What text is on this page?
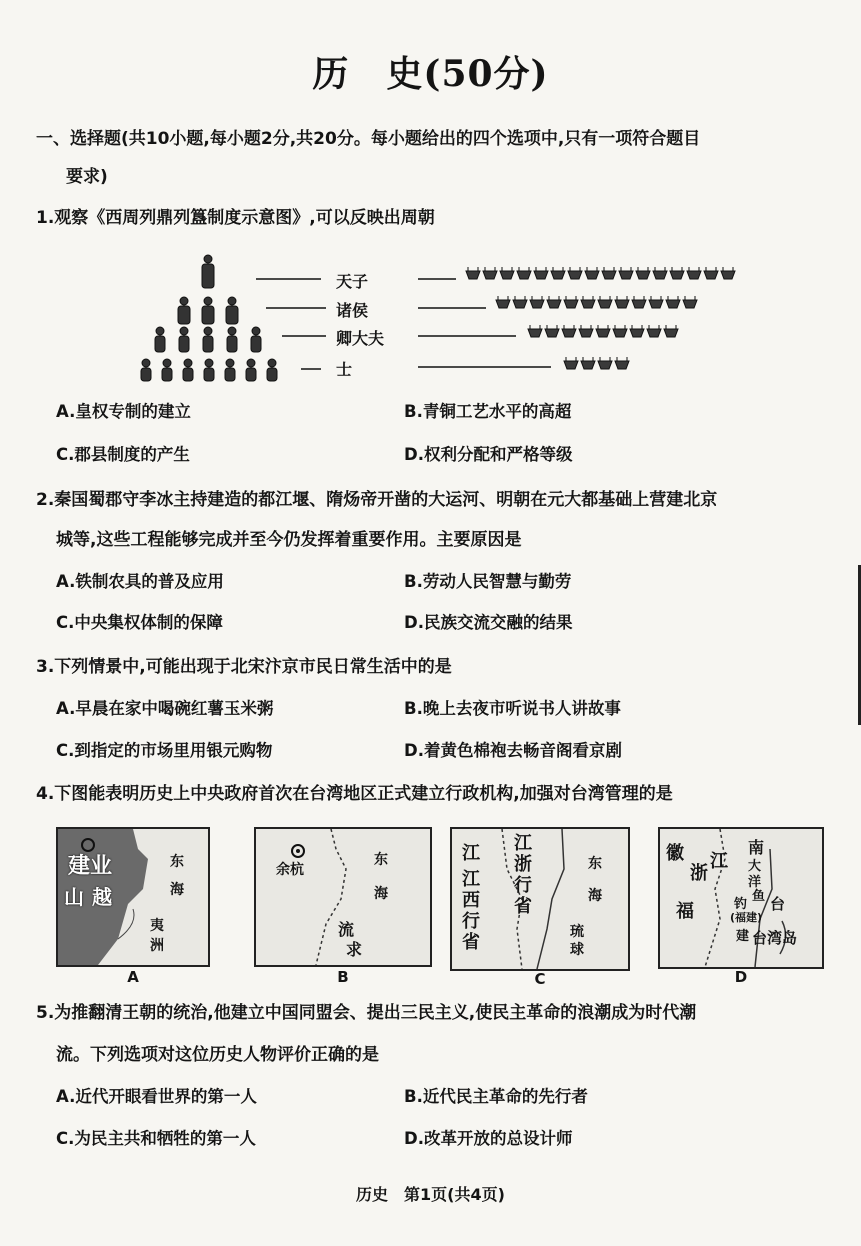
历　史(50分)
一、选择题(共10小题,每小题2分,共20分。每小题给出的四个选项中,只有一项符合题目
要求)
1.观察《西周列鼎列簋制度示意图》,可以反映出周朝
天子
诸侯
卿大夫
士
A.皇权专制的建立	B.青铜工艺水平的高超
C.郡县制度的产生	D.权利分配和严格等级
2.秦国蜀郡守李冰主持建造的都江堰、隋炀帝开凿的大运河、明朝在元大都基础上营建北京
城等,这些工程能够完成并至今仍发挥着重要作用。主要原因是
A.铁制农具的普及应用	B.劳动人民智慧与勤劳
C.中央集权体制的保障	D.民族交流交融的结果
3.下列情景中,可能出现于北宋汴京市民日常生活中的是
A.早晨在家中喝碗红薯玉米粥	B.晚上去夜市听说书人讲故事
C.到指定的市场里用银元购物	D.着黄色棉袍去畅音阁看京剧
4.下图能表明历史上中央政府首次在台湾地区正式建立行政机构,加强对台湾管理的是
建业
山 越
东
海
夷
洲
A
余杭
东
海
流
求
B
江
江西行省
江浙行省
东
海
琉
球
C
徽 江
南
浙	大
洋
福
鱼
钓 台
(福建)
建 台湾岛
D
5.为推翻清王朝的统治,他建立中国同盟会、提出三民主义,使民主革命的浪潮成为时代潮
流。下列选项对这位历史人物评价正确的是
A.近代开眼看世界的第一人	B.近代民主革命的先行者
C.为民主共和牺牲的第一人	D.改革开放的总设计师
历史　第1页(共4页)
